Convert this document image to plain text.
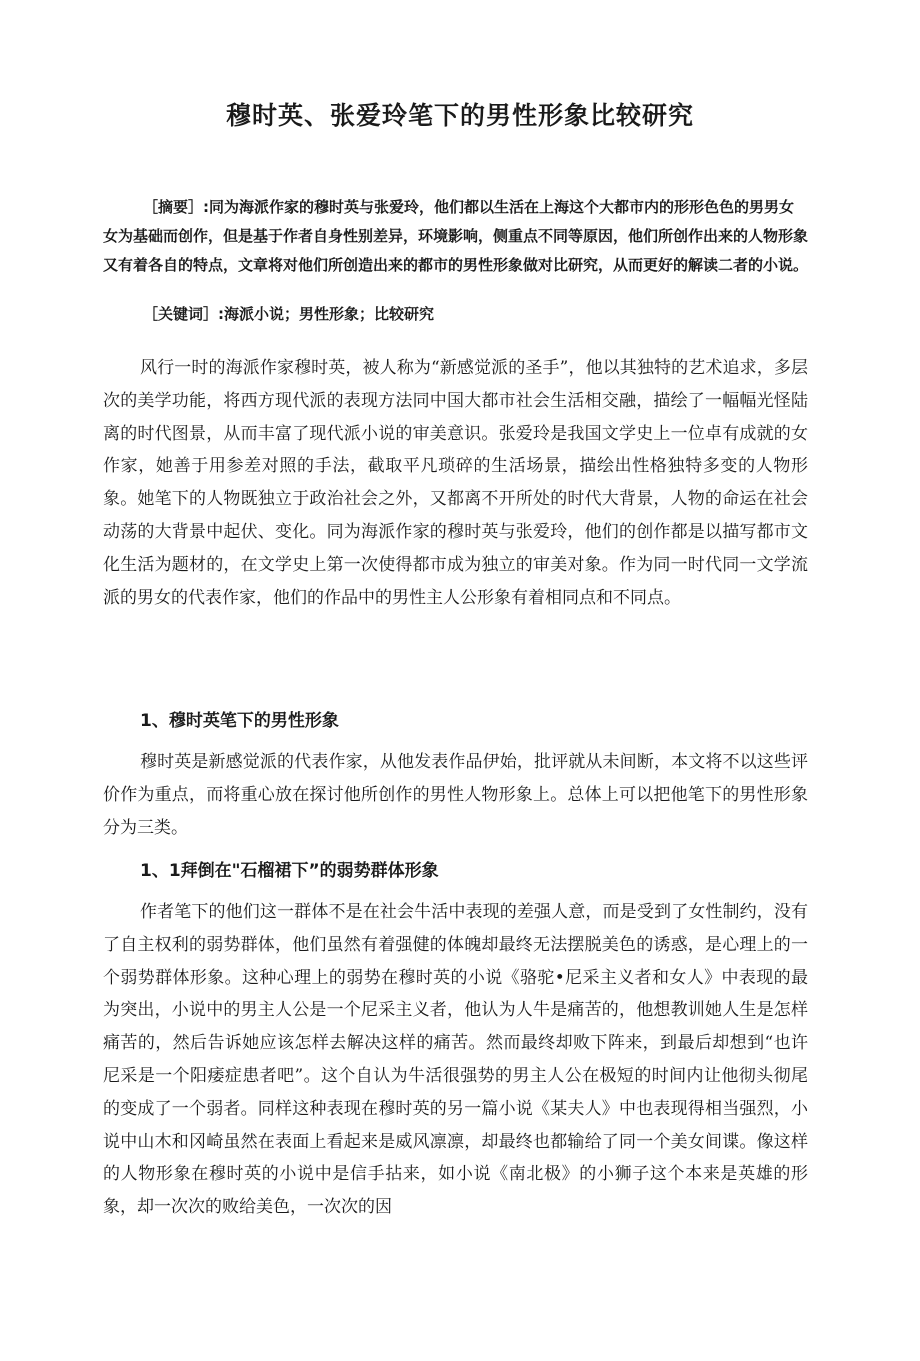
穆时英、张爱玲笔下的男性形象比较研究

［摘要］:同为海派作家的穆时英与张爱玲，他们都以生活在上海这个大都市内的形形色色的男男女女为基础而创作，但是基于作者自身性别差异，环境影响，侧重点不同等原因，他们所创作出来的人物形象又有着各自的特点，文章将对他们所创造出来的都市的男性形象做对比研究，从而更好的解读二者的小说。

［关键词］:海派小说；男性形象；比较研究

风行一时的海派作家穆时英，被人称为“新感觉派的圣手”，他以其独特的艺术追求，多层次的美学功能，将西方现代派的表现方法同中国大都市社会生活相交融，描绘了一幅幅光怪陆离的时代图景，从而丰富了现代派小说的审美意识。张爱玲是我国文学史上一位卓有成就的女作家，她善于用参差对照的手法，截取平凡琐碎的生活场景，描绘出性格独特多变的人物形象。她笔下的人物既独立于政治社会之外，又都离不开所处的时代大背景，人物的命运在社会动荡的大背景中起伏、变化。同为海派作家的穆时英与张爱玲，他们的创作都是以描写都市文化生活为题材的，在文学史上第一次使得都市成为独立的审美对象。作为同一时代同一文学流派的男女的代表作家，他们的作品中的男性主人公形象有着相同点和不同点。

1、穆时英笔下的男性形象

穆时英是新感觉派的代表作家，从他发表作品伊始，批评就从未间断，本文将不以这些评价作为重点，而将重心放在探讨他所创作的男性人物形象上。总体上可以把他笔下的男性形象分为三类。

1、1拜倒在"石榴裙下”的弱势群体形象

作者笔下的他们这一群体不是在社会牛活中表现的差强人意，而是受到了女性制约，没有了自主权利的弱势群体，他们虽然有着强健的体魄却最终无法摆脱美色的诱惑，是心理上的一个弱势群体形象。这种心理上的弱势在穆时英的小说《骆驼•尼采主义者和女人》中表现的最为突出，小说中的男主人公是一个尼采主义者，他认为人牛是痛苦的，他想教训她人生是怎样痛苦的，然后告诉她应该怎样去解决这样的痛苦。然而最终却败下阵来，到最后却想到“也许尼采是一个阳痿症患者吧”。这个自认为牛活很强势的男主人公在极短的时间内让他彻头彻尾的变成了一个弱者。同样这种表现在穆时英的另一篇小说《某夫人》中也表现得相当强烈，小说中山木和冈崎虽然在表面上看起来是威风凛凛，却最终也都输给了同一个美女间谍。像这样的人物形象在穆时英的小说中是信手拈来，如小说《南北极》的小狮子这个本来是英雄的形象，却一次次的败给美色，一次次的因
